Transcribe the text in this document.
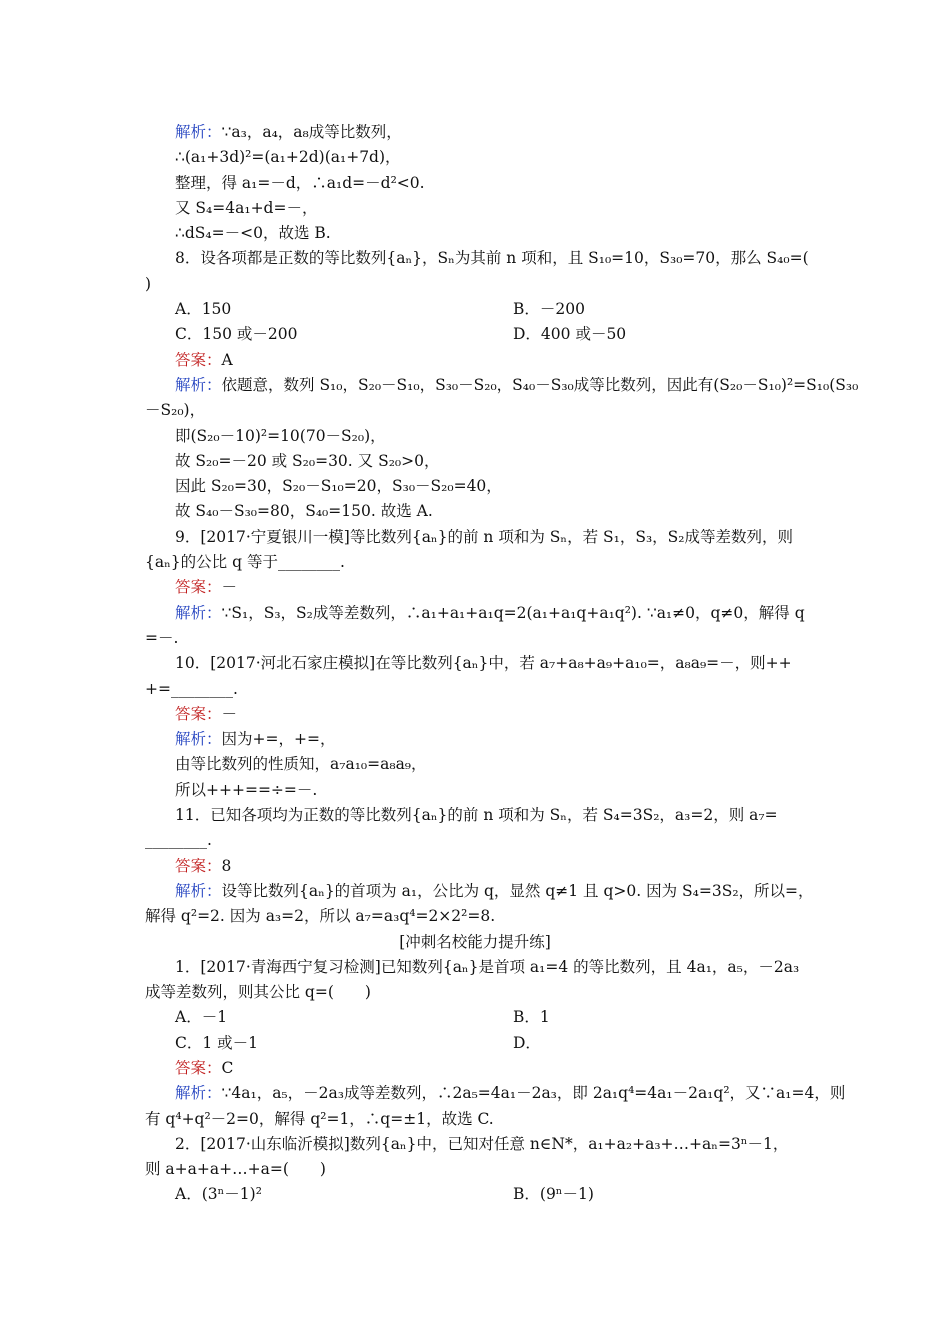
解析：∵a₃，a₄，a₈成等比数列，
∴(a₁+3d)²=(a₁+2d)(a₁+7d)，
整理，得 a₁=－d，∴a₁d=－d²<0.
又 S₄=4a₁+d=－，
∴dS₄=－<0，故选 B.
8．设各项都是正数的等比数列{aₙ}，Sₙ为其前 n 项和，且 S₁₀=10，S₃₀=70，那么 S₄₀=(
)
A．150	B．－200
C．150 或－200	D．400 或－50
答案：A
解析：依题意，数列 S₁₀，S₂₀－S₁₀，S₃₀－S₂₀，S₄₀－S₃₀成等比数列，因此有(S₂₀－S₁₀)²=S₁₀(S₃₀
－S₂₀)，
即(S₂₀－10)²=10(70－S₂₀)，
故 S₂₀=－20 或 S₂₀=30. 又 S₂₀>0，
因此 S₂₀=30，S₂₀－S₁₀=20，S₃₀－S₂₀=40，
故 S₄₀－S₃₀=80，S₄₀=150. 故选 A.
9．[2017·宁夏银川一模]等比数列{aₙ}的前 n 项和为 Sₙ，若 S₁，S₃，S₂成等差数列，则
{aₙ}的公比 q 等于________.
答案：－
解析：∵S₁，S₃，S₂成等差数列，∴a₁+a₁+a₁q=2(a₁+a₁q+a₁q²). ∵a₁≠0，q≠0，解得 q
=－.
10．[2017·河北石家庄模拟]在等比数列{aₙ}中，若 a₇+a₈+a₉+a₁₀=，a₈a₉=－，则++
+=________.
答案：－
解析：因为+=，+=，
由等比数列的性质知，a₇a₁₀=a₈a₉，
所以+++==÷=－.
11．已知各项均为正数的等比数列{aₙ}的前 n 项和为 Sₙ，若 S₄=3S₂，a₃=2，则 a₇=
________.
答案：8
解析：设等比数列{aₙ}的首项为 a₁，公比为 q，显然 q≠1 且 q>0. 因为 S₄=3S₂，所以=，
解得 q²=2. 因为 a₃=2，所以 a₇=a₃q⁴=2×2²=8.
[冲刺名校能力提升练]
1．[2017·青海西宁复习检测]已知数列{aₙ}是首项 a₁=4 的等比数列，且 4a₁，a₅，－2a₃
成等差数列，则其公比 q=(　　)
A．－1	B．1
C．1 或－1	D．
答案：C
解析：∵4a₁，a₅，－2a₃成等差数列，∴2a₅=4a₁－2a₃，即 2a₁q⁴=4a₁－2a₁q²，又∵a₁=4，则
有 q⁴+q²－2=0，解得 q²=1，∴q=±1，故选 C.
2．[2017·山东临沂模拟]数列{aₙ}中，已知对任意 n∈N*，a₁+a₂+a₃+…+aₙ=3ⁿ－1，
则 a+a+a+…+a=(　　)
A．(3ⁿ－1)²	B．(9ⁿ－1)
